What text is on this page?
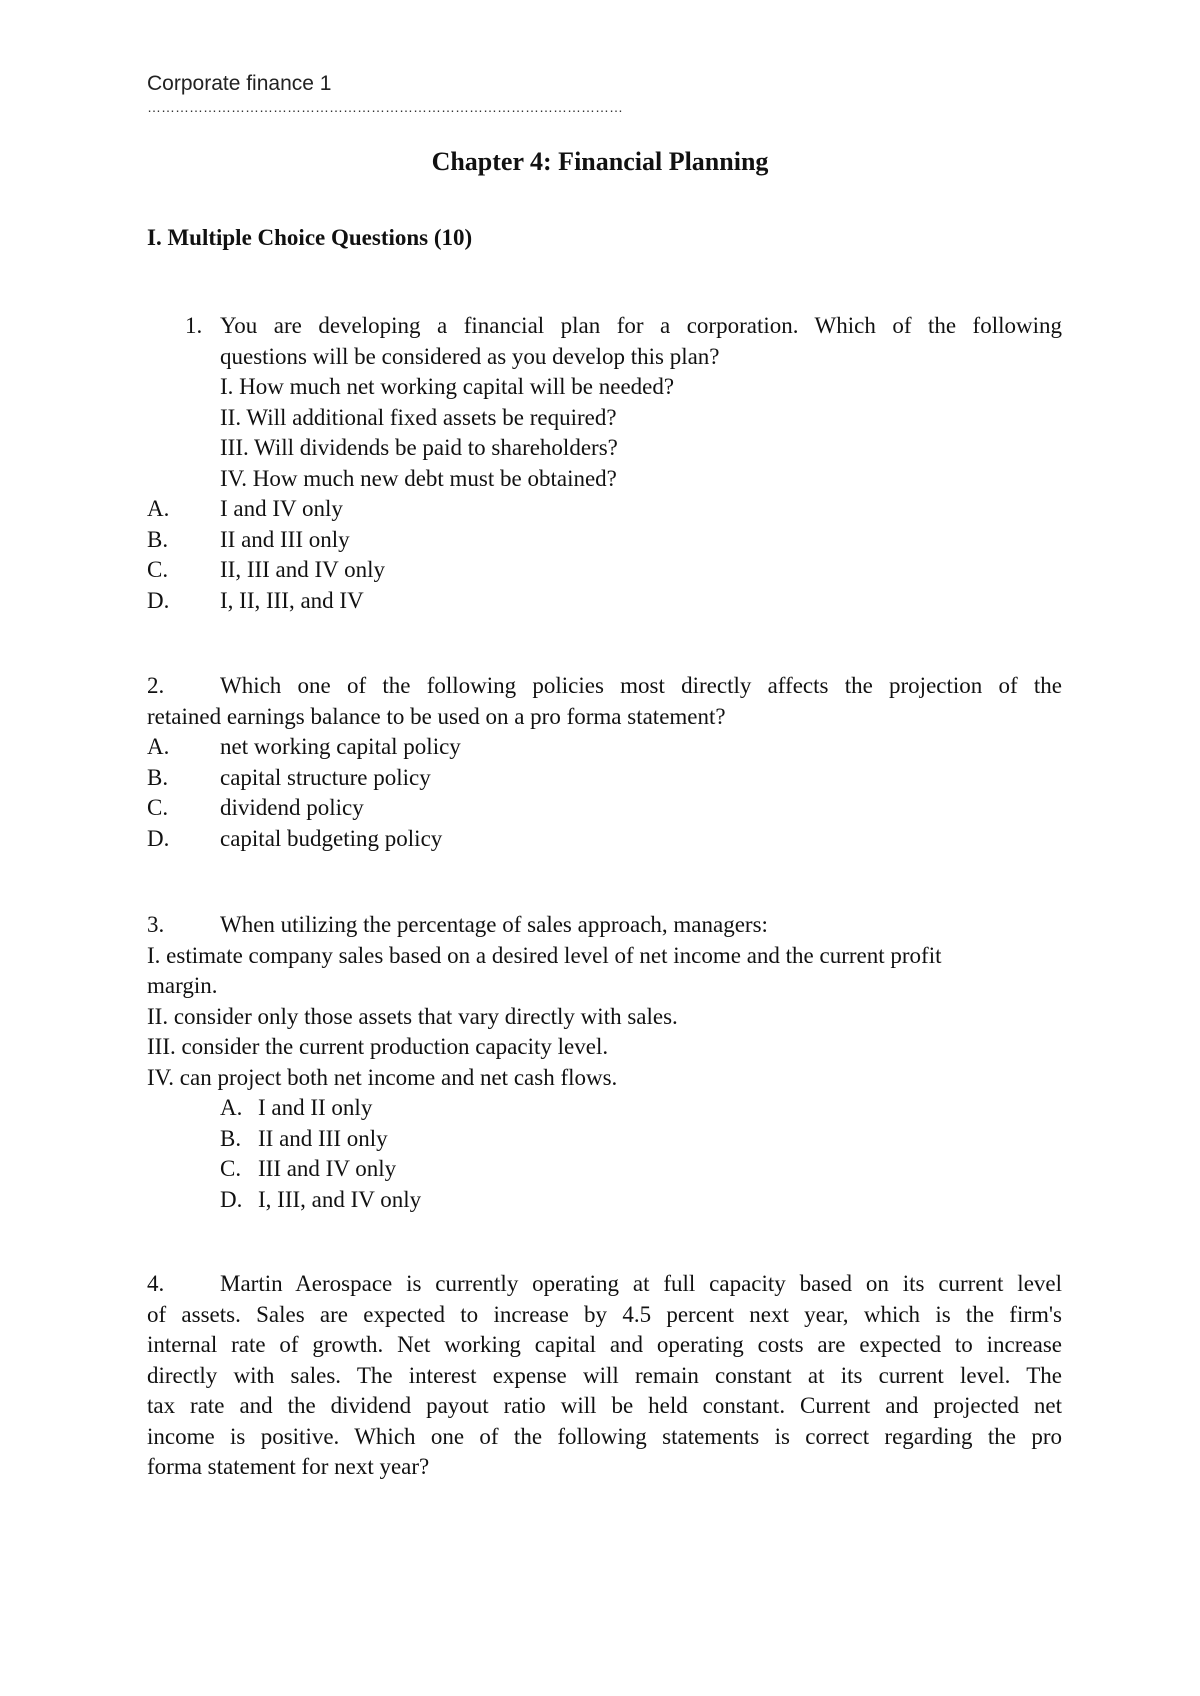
Corporate finance 1
…………………………………………………………………………………………
Chapter 4: Financial Planning
I. Multiple Choice Questions (10)
1. You are developing a financial plan for a corporation. Which of the following
questions will be considered as you develop this plan?
I. How much net working capital will be needed?
II. Will additional fixed assets be required?
III. Will dividends be paid to shareholders?
IV. How much new debt must be obtained?
A.	I and IV only
B.	II and III only
C.	II, III and IV only
D.	I, II, III, and IV
2.	Which one of the following policies most directly affects the projection of the
retained earnings balance to be used on a pro forma statement?
A.	net working capital policy
B.	capital structure policy
C.	dividend policy
D.	capital budgeting policy
3.	When utilizing the percentage of sales approach, managers:
I. estimate company sales based on a desired level of net income and the current profit
margin.
II. consider only those assets that vary directly with sales.
III. consider the current production capacity level.
IV. can project both net income and net cash flows.
A. I and II only
B. II and III only
C. III and IV only
D. I, III, and IV only
4.	Martin Aerospace is currently operating at full capacity based on its current level
of assets. Sales are expected to increase by 4.5 percent next year, which is the firm's
internal rate of growth. Net working capital and operating costs are expected to increase
directly with sales. The interest expense will remain constant at its current level. The
tax rate and the dividend payout ratio will be held constant. Current and projected net
income is positive. Which one of the following statements is correct regarding the pro
forma statement for next year?
